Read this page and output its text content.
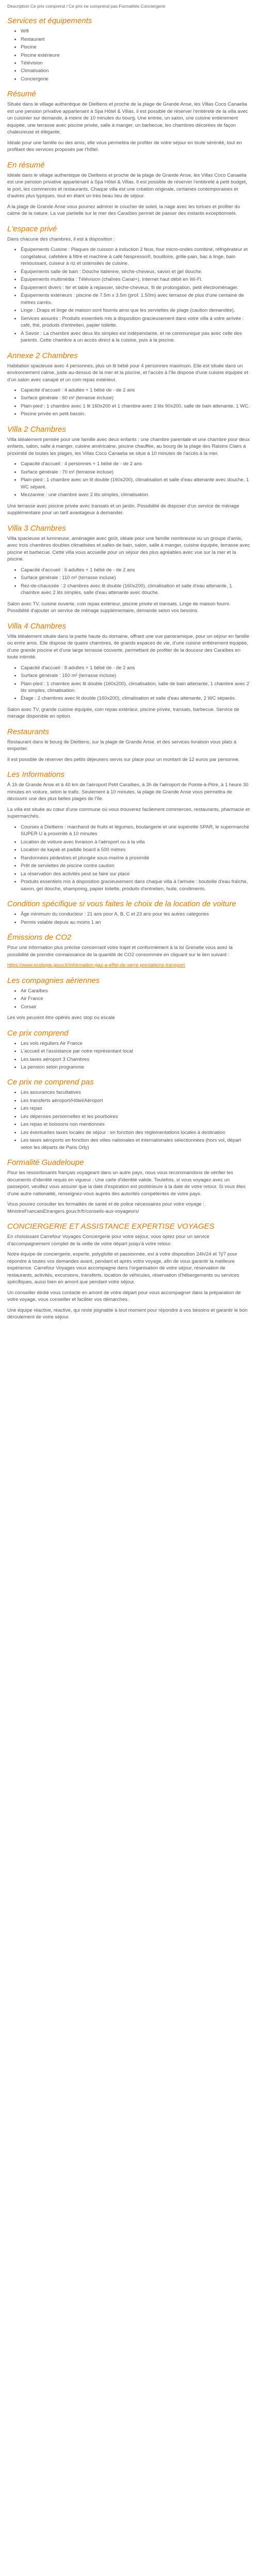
Description Ce prix comprend / Ce prix ne comprend pas Formalités Conciergerie

Services et équipements
• Wifi
• Restaurant
• Piscine
• Piscine extérieure
• Télévision
• Climatisation
• Conciergerie
Résumé

Située dans le village authentique de Dieltiens et proche de la plage de Grande Anse, les Villas Coco Canaelia est une pension privative appartenant à Spa Hôtel & Villas, il est possible de réserver l'entièreté de la villa avec un cuisinier sur demande, à moins de 10 minutes du bourg. Une entrée, un salon, une cuisine entièrement équipée, une terrasse avec piscine privée, salle à manger, un barbecue, les chambres décorées de façon chaleureuse et élégante.

Idéale pour une famille ou des amis, elle vous permettra de profiter de votre séjour en toute sérénité, tout en profitant des services proposés par l'hôtel.

En résumé

Idéale dans le village authentique de Dieltiens et proche de la plage de Grande Anse, les Villas Coco Canaelia est une pension privative appartenant à Spa Hôtel & Villas. Il est possible de réserver l'entièreté à petit budget, le port, les commerces et restaurants. Chaque villa est une création originale, certaines contemporaines et d'autres plus typiques, tout en étant un très beau lieu de séjour.

A la plage de Grande Anse vous pourrez admirer le coucher de soleil, la nage avec les tortues et profiter du calme de la nature. La vue partielle sur le mer des Caraïbes permet de passer des instants exceptionnels.

L'espace privé

Dans chacune des chambres, il est à disposition :

• Équipements Cuisine : Plaques de cuisson à induction 2 feux, four micro-ondes combiné, réfrigérateur et congélateur, cafetière à filtre et machine à café Nespresso®, bouilloire, grille-pain, bac à linge, bain remoussant, cuiseur à riz et ustensiles de cuisine.
• Équipements salle de bain : Douche italienne, sèche-cheveux, savon et gel douche.
• Équipements multimédia : Télévision (chaînes Canal+), Internet haut débit en Wi-Fi.
• Équipement divers : fer et table à repasser, sèche-cheveux, fil de prolongation, petit électroménager.
• Équipements extérieurs : piscine de 7.5m x 3.5m (prof. 1.50m) avec terrasse de plus d'une centaine de mètres carrés.
• Linge : Draps et linge de maison sont fournis ainsi que les serviettes de plage (caution demandée).
• Services assurés : Produits essentiels mis à disposition gracieusement dans votre villa à votre arrivée : café, thé, produits d'entretien, papier toilette.
• À Savoir : La chambre avec deux lits simples est indépendante, et ne communique pas avec celle des parents. Cette chambre a un accès direct à la cuisine, puis à la piscine.
Annexe 2 Chambres

Habitation spacieuse avec 4 personnes, plus un lit bébé pour 4 personnes maximum. Elle est située dans un environnement calme, juste au-dessus de la mer et la piscine, et l'accès à l'île dispose d'une cuisine équipée et d'un salon avec canapé et un coin repas extérieur.

• Capacité d'accueil : 4 adultes + 1 bébé de - de 2 ans
• Surface générale : 60 m² (terrasse incluse)
• Plain-pied : 1 chambre avec 1 lit 160x200 et 1 chambre avec 2 lits 90x200, salle de bain attenante, 1 WC.
• Piscine privée en petit bassin.
Villa 2 Chambres

Villa idéalement pensée pour une famille avec deux enfants : une chambre parentale et une chambre pour deux enfants, salon, salle à manger, cuisine américaine, piscine chauffée, au bourg de la plage des Raisins Clairs à proximité de toutes les plages, les Villas Coco Canaelia se situe à 10 minutes de l'accès à la mer.

• Capacité d'accueil : 4 personnes + 1 bébé de - de 2 ans
• Surface générale : 70 m² (terrasse incluse)
• Plain-pied : 1 chambre avec un lit double (160x200), climatisation et salle d'eau attenante avec douche, 1 WC séparé.
• Mezzanine : une chambre avec 2 lits simples, climatisation.

Une terrasse avec piscine privée avec transats et un jardin. Possibilité de disposer d'un service de ménage supplémentaire pour un tarif avantageux à demander.

Villa 3 Chambres

Villa spacieuse et lumineuse, aménagée avec goût, idéale pour une famille nombreuse ou un groupe d'amis, avec trois chambres doubles climatisées et salles de bain, salon, salle à manger, cuisine équipée, terrasse avec piscine et barbecue. Cette villa vous accueille pour un séjour des plus agréables avec vue sur la mer et la piscine.

• Capacité d'accueil : 6 adultes + 1 bébé de - de 2 ans
• Surface générale : 110 m² (terrasse incluse)
• Rez-de-chaussée : 2 chambres avec lit double (160x200), climatisation et salle d'eau attenante, 1 chambre avec 2 lits simples, salle d'eau attenante avec douche.

Salon avec TV, cuisine ouverte, coin repas extérieur, piscine privée et transats. Linge de maison fourni. Possibilité d'ajouter un service de ménage supplémentaire, demande selon vos besoins.

Villa 4 Chambres

Villa idéalement située dans la partie haute du domaine, offrant une vue panoramique, pour un séjour en famille ou entre amis. Elle dispose de quatre chambres, de grands espaces de vie, d'une cuisine entièrement équipée, d'une grande piscine et d'une large terrasse couverte, permettant de profiter de la douceur des Caraïbes en toute intimité.

• Capacité d'accueil : 8 adultes + 1 bébé de - de 2 ans
• Surface générale : 150 m² (terrasse incluse)
• Plain-pied : 1 chambre avec lit double (160x200), climatisation, salle de bain attenante, 1 chambre avec 2 lits simples, climatisation.
• Étage : 2 chambres avec lit double (160x200), climatisation et salle d'eau attenante, 2 WC séparés.

Salon avec TV, grande cuisine équipée, coin repas extérieur, piscine privée, transats, barbecue. Service de ménage disponible en option.

Restaurants

Restaurant dans le bourg de Dieltiens, sur la plage de Grande Anse, et des services livraison vous plats à emporter.

Il est possible de réserver des petits déjeuners servis sur place pour un montant de 12 euros par personne.

Les Informations

À 1h de Grande Anse et à 40 km de l'aéroport Petit Caraïbes, à 3h de l'aéroport de Pointe-à-Pitre, à 1 heure 30 minutes en voiture, selon le trafic. Seulement à 10 minutes, la plage de Grande Anse vous permettra de découvrir une des plus belles plages de l'île.

La villa est située au cœur d'une commune où vous trouverez facilement commerces, restaurants, pharmacie et supermarchés.

• Courses à Dieltiens : marchand de fruits et légumes, boulangerie et une supérette SPAR, le supermarché SUPER U à proximité à 10 minutes
• Location de voiture avec livraison à l'aéroport ou à la villa
• Location de kayak et paddle board à 500 mètres
• Randonnées pédestres et plongée sous-marine à proximité
• Prêt de serviettes de piscine contre caution
• La réservation des activités peut se faire sur place
• Produits essentiels mis à disposition gracieusement dans chaque villa à l'arrivée : bouteille d'eau fraîche, savon, gel douche, shampoing, papier toilette, produits d'entretien, huile, condiments.
Condition spécifique si vous faites le choix de la location de voiture
• Âge minimum du conducteur : 21 ans pour A, B, C et 23 ans pour les autres catégories
• Permis valable depuis au moins 1 an
Émissions de CO2

Pour une information plus précise concernant votre trajet et conformément à la loi Grenelle vous avez la possibilité de prendre connaissance de la quantité de CO2 consommée en cliquant sur le lien suivant :

https://www.ecologie.gouv.fr/information-gaz-a-effet-de-serre-prestations-transport

Les compagnies aériennes
• Air Caraïbes
• Air France
• Corsair

Les vols peuvent être opérés avec stop ou escale

Ce prix comprend
• Les vols réguliers Air France
• L'accueil et l'assistance par notre représentant local
• Les taxes aéroport 3 Chambres
• La pension selon programme
Ce prix ne comprend pas
• Les assurances facultatives
• Les transferts aéroport/Hôtel/Aéroport
• Les repas
• Les dépenses personnelles et les pourboires
• Les repas et boissons non mentionnés
• Les éventuelles taxes locales de séjour : en fonction des réglementations locales à destination
• Les taxes aéroports en fonction des villes nationales et internationales sélectionnées (hors vol, départ selon les départs de Paris Orly)
Formalité Guadeloupe

Pour les ressortissants français voyageant dans un autre pays, nous vous recommandons de vérifier les documents d'identité requis en vigueur : Une carte d'identité valide. Toutefois, si vous voyagez avec un passeport, veuillez vous assurer que la date d'expiration est postérieure à la date de votre retour. Si vous êtes d'une autre nationalité, renseignez-vous auprès des autorités compétentes de votre pays.

Vous pouvez consulter les formalités de santé et de police nécessaires pour votre voyage : MinistreFrancaisEtrangers.gouv.fr/fr/conseils-aux-voyageurs/

CONCIERGERIE ET ASSISTANCE EXPERTISE VOYAGES

En choisissant Carrefour Voyages Conciergerie pour votre séjour, vous optez pour un service d'accompagnement complet de la veille de votre départ jusqu'à votre retour.

Notre équipe de conciergerie, experte, polyglotte et passionnée, est à votre disposition 24h/24 et 7j/7 pour répondre à toutes vos demandes avant, pendant et après votre voyage, afin de vous garantir la meilleure expérience. Carrefour Voyages vous accompagne dans l'organisation de votre séjour, réservation de restaurants, activités, excursions, transferts, location de véhicules, réservation d'hébergements ou services spécifiques, aussi bien en amont que pendant votre séjour.

Un conseiller dédié vous contacte en amont de votre départ pour vous accompagner dans la préparation de votre voyage, vous conseiller et faciliter vos démarches.

Une équipe réactive, réactive, qui reste joignable à tout moment pour répondre à vos besoins et garantir le bon déroulement de votre séjour.
